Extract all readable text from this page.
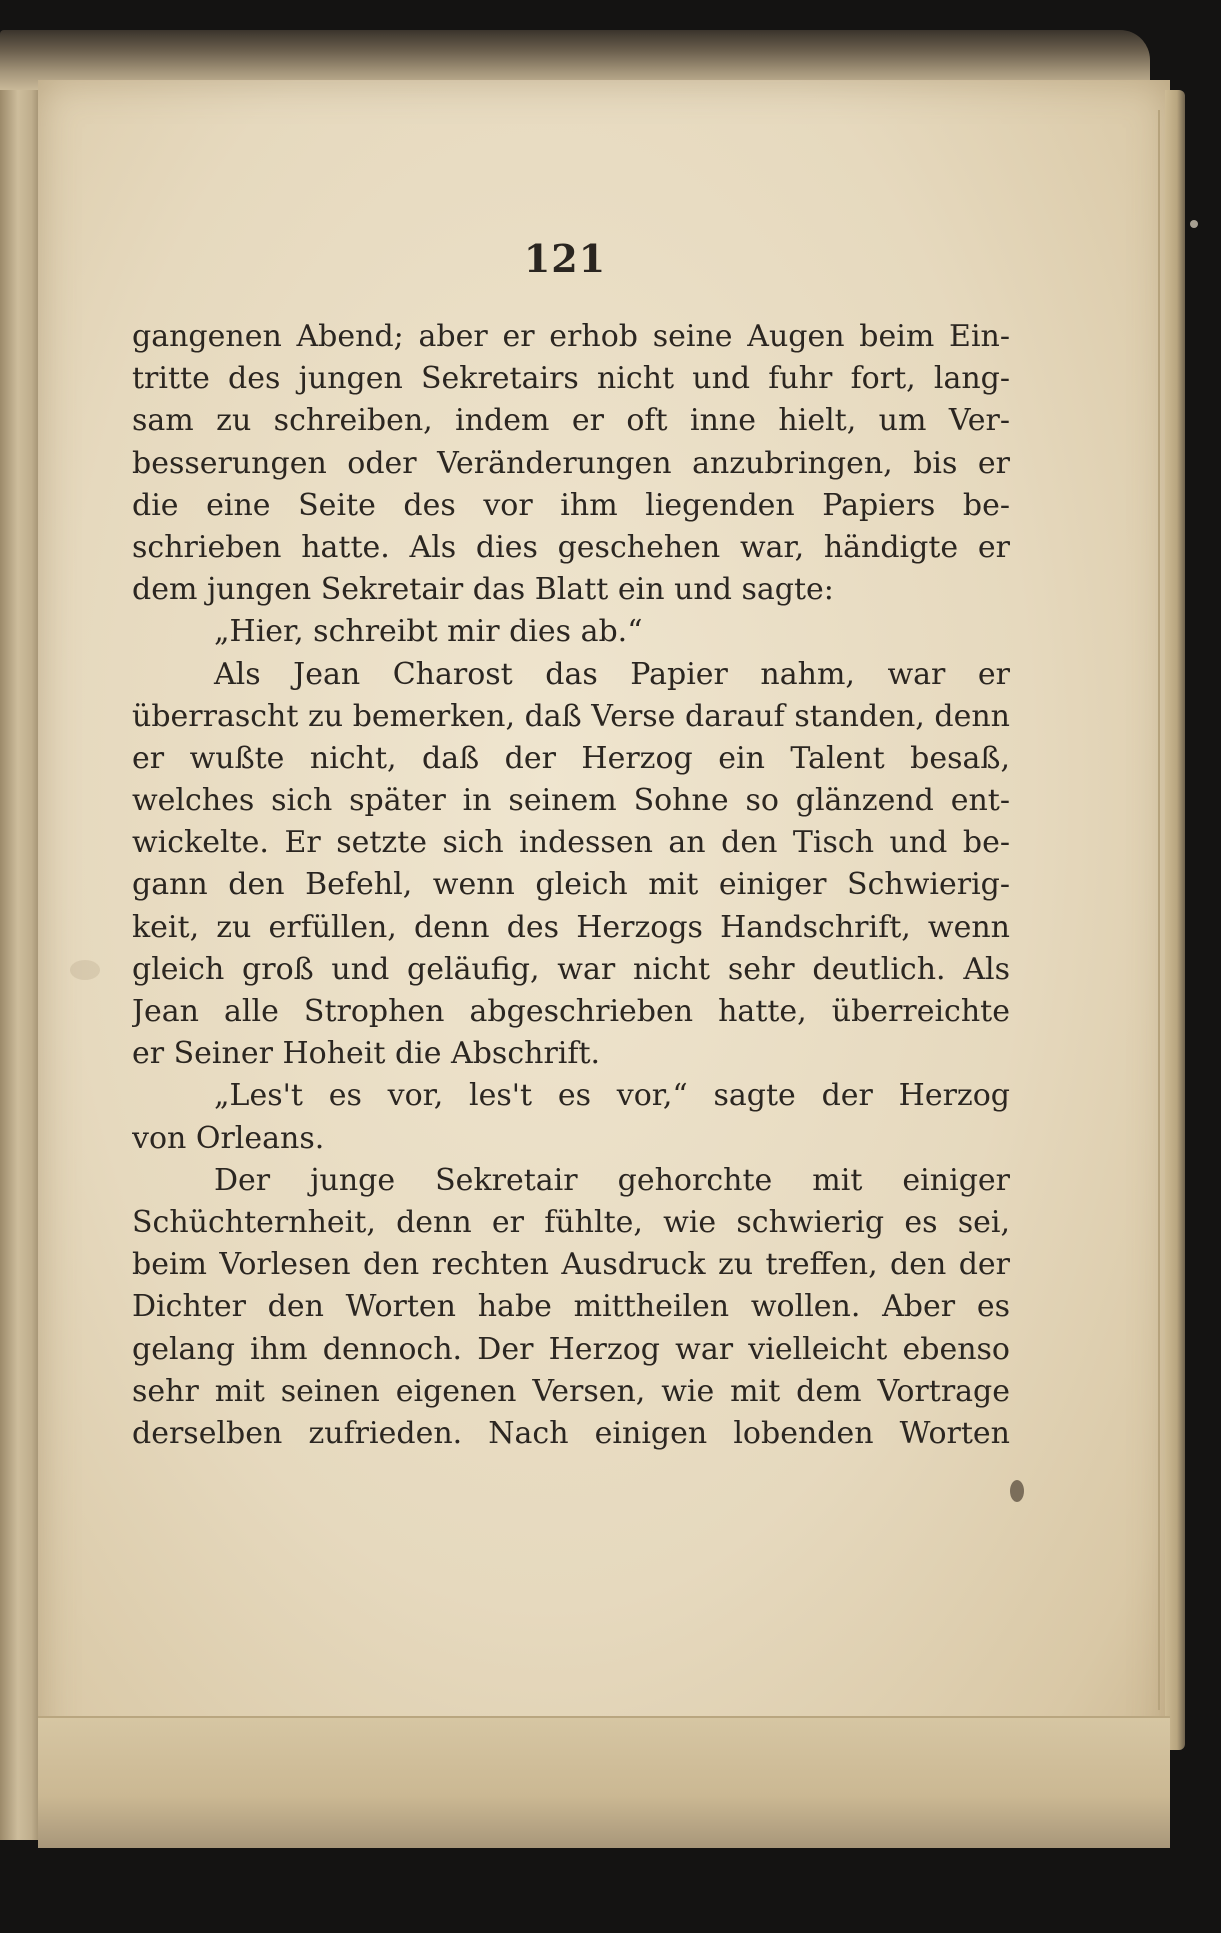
121
gangenen Abend; aber er erhob seine Augen beim Ein-
tritte des jungen Sekretairs nicht und fuhr fort, lang-
sam zu schreiben, indem er oft inne hielt, um Ver-
besserungen oder Veränderungen anzubringen, bis er
die eine Seite des vor ihm liegenden Papiers be-
schrieben hatte. Als dies geschehen war, händigte er
dem jungen Sekretair das Blatt ein und sagte:
„Hier, schreibt mir dies ab.“
Als Jean Charost das Papier nahm, war er
überrascht zu bemerken, daß Verse darauf standen, denn
er wußte nicht, daß der Herzog ein Talent besaß,
welches sich später in seinem Sohne so glänzend ent-
wickelte. Er setzte sich indessen an den Tisch und be-
gann den Befehl, wenn gleich mit einiger Schwierig-
keit, zu erfüllen, denn des Herzogs Handschrift, wenn
gleich groß und geläufig, war nicht sehr deutlich. Als
Jean alle Strophen abgeschrieben hatte, überreichte
er Seiner Hoheit die Abschrift.
„Les't es vor, les't es vor,“ sagte der Herzog
von Orleans.
Der junge Sekretair gehorchte mit einiger
Schüchternheit, denn er fühlte, wie schwierig es sei,
beim Vorlesen den rechten Ausdruck zu treffen, den der
Dichter den Worten habe mittheilen wollen. Aber es
gelang ihm dennoch. Der Herzog war vielleicht ebenso
sehr mit seinen eigenen Versen, wie mit dem Vortrage
derselben zufrieden. Nach einigen lobenden Worten
